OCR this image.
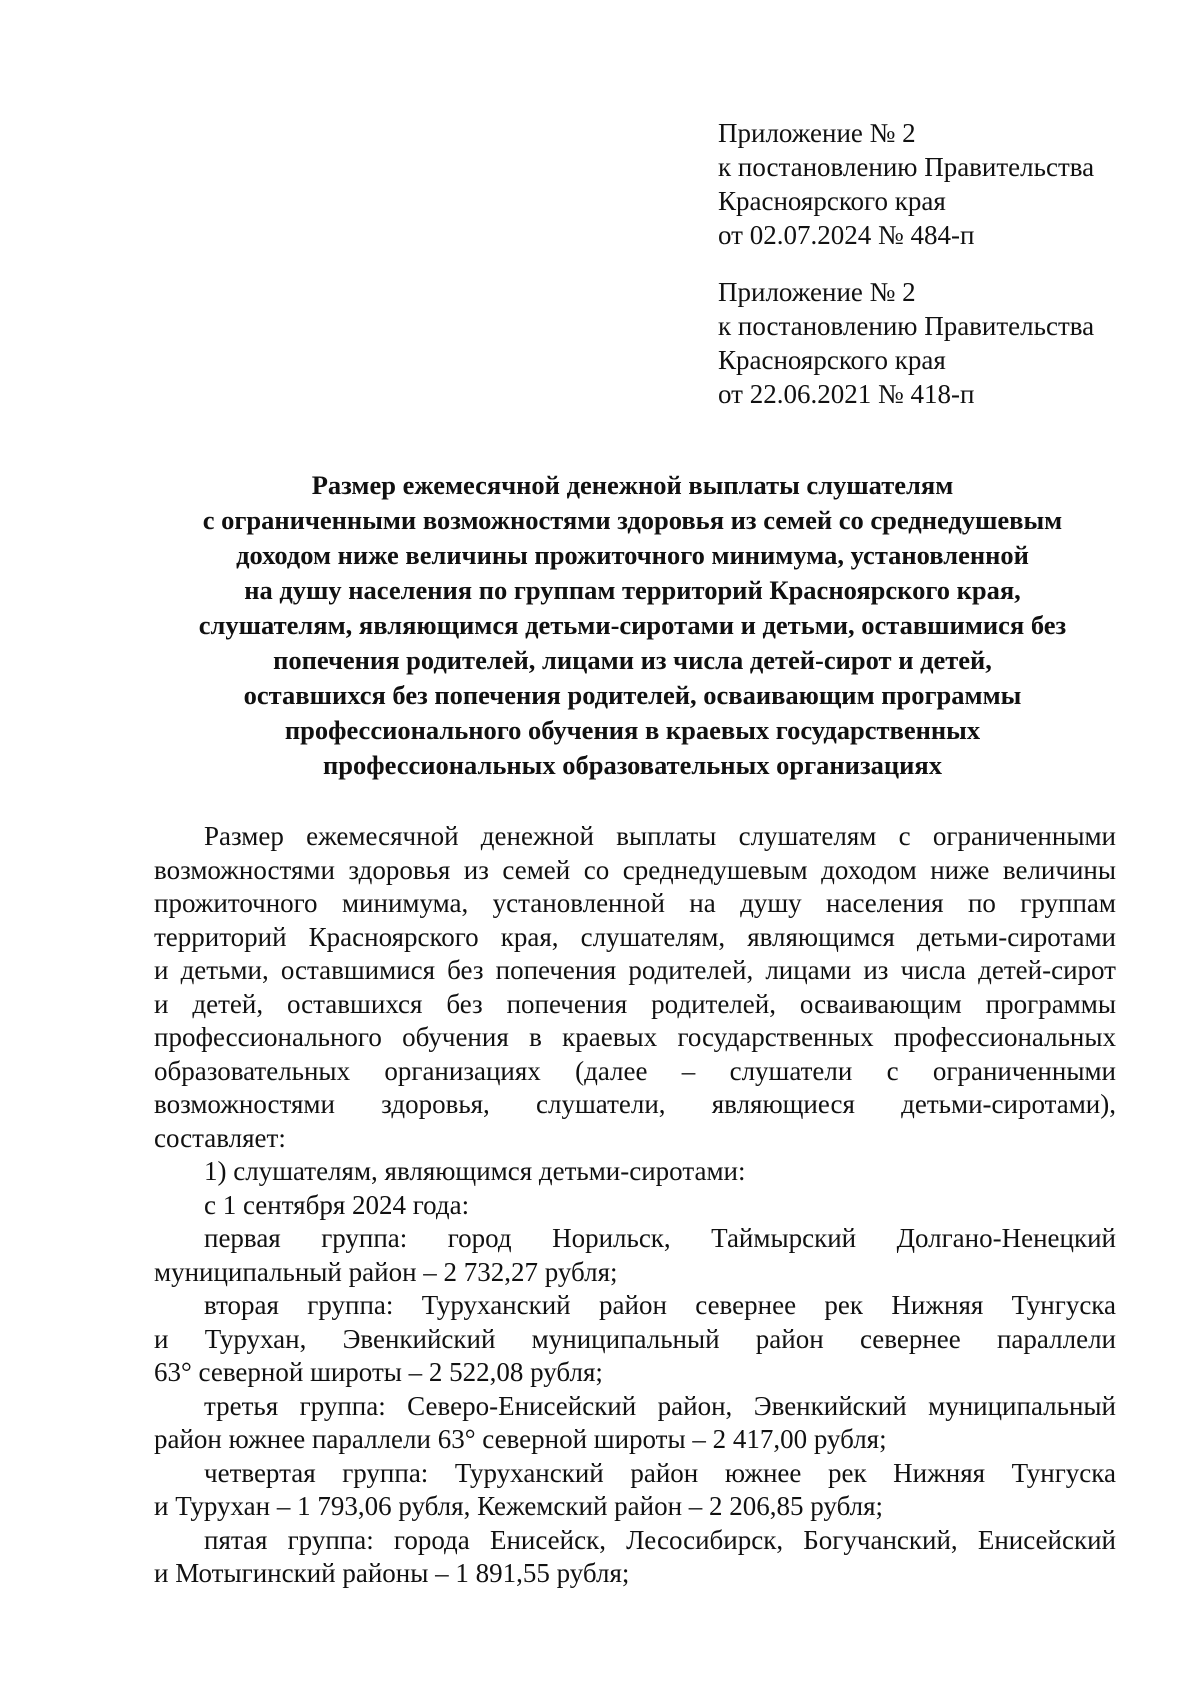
Приложение № 2
к постановлению Правительства
Красноярского края
от 02.07.2024 № 484-п
Приложение № 2
к постановлению Правительства
Красноярского края
от 22.06.2021 № 418-п
Размер ежемесячной денежной выплаты слушателям
с ограниченными возможностями здоровья из семей со среднедушевым
доходом ниже величины прожиточного минимума, установленной
на душу населения по группам территорий Красноярского края,
слушателям, являющимся детьми-сиротами и детьми, оставшимися без
попечения родителей, лицами из числа детей-сирот и детей,
оставшихся без попечения родителей, осваивающим программы
профессионального обучения в краевых государственных
профессиональных образовательных организациях
Размер ежемесячной денежной выплаты слушателям с ограниченными
возможностями здоровья из семей со среднедушевым доходом ниже величины
прожиточного минимума, установленной на душу населения по группам
территорий Красноярского края, слушателям, являющимся детьми-сиротами
и детьми, оставшимися без попечения родителей, лицами из числа детей-сирот
и детей, оставшихся без попечения родителей, осваивающим программы
профессионального обучения в краевых государственных профессиональных
образовательных организациях (далее – слушатели с ограниченными
возможностями здоровья, слушатели, являющиеся детьми-сиротами),
составляет:
1) слушателям, являющимся детьми-сиротами:
с 1 сентября 2024 года:
первая группа: город Норильск, Таймырский Долгано-Ненецкий
муниципальный район – 2 732,27 рубля;
вторая группа: Туруханский район севернее рек Нижняя Тунгуска
и Турухан, Эвенкийский муниципальный район севернее параллели
63° северной широты – 2 522,08 рубля;
третья группа: Северо-Енисейский район, Эвенкийский муниципальный
район южнее параллели 63° северной широты – 2 417,00 рубля;
четвертая группа: Туруханский район южнее рек Нижняя Тунгуска
и Турухан – 1 793,06 рубля, Кежемский район – 2 206,85 рубля;
пятая группа: города Енисейск, Лесосибирск, Богучанский, Енисейский
и Мотыгинский районы – 1 891,55 рубля;
